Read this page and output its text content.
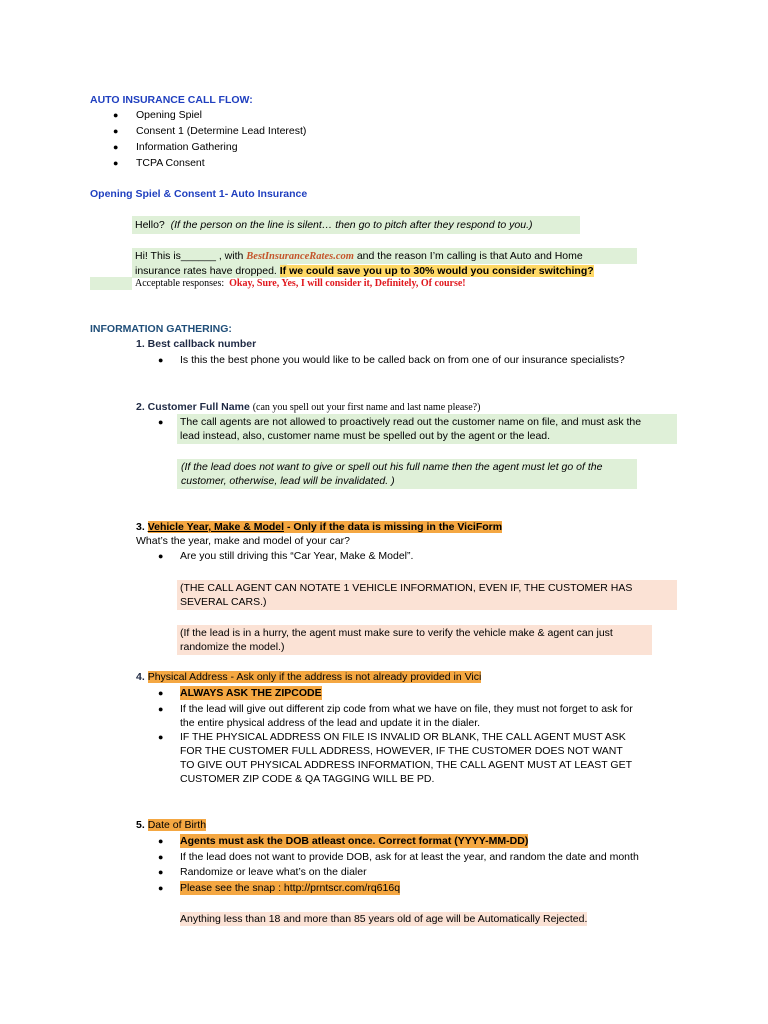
AUTO INSURANCE CALL FLOW:
● Opening Spiel
● Consent 1 (Determine Lead Interest)
● Information Gathering
● TCPA Consent
Opening Spiel & Consent 1- Auto Insurance
Hello? (If the person on the line is silent… then go to pitch after they respond to you.)
Hi! This is______ , with BestInsuranceRates.com and the reason I’m calling is that Auto and Home
insurance rates have dropped. If we could save you up to 30% would you consider switching?
Acceptable responses: Okay, Sure, Yes, I will consider it, Definitely, Of course!
INFORMATION GATHERING:
1. Best callback number
● Is this the best phone you would like to be called back on from one of our insurance specialists?
2. Customer Full Name (can you spell out your first name and last name please?)
● The call agents are not allowed to proactively read out the customer name on file, and must ask the
lead instead, also, customer name must be spelled out by the agent or the lead.
(If the lead does not want to give or spell out his full name then the agent must let go of the
customer, otherwise, lead will be invalidated. )
3. Vehicle Year, Make & Model - Only if the data is missing in the ViciForm
What’s the year, make and model of your car?
● Are you still driving this “Car Year, Make & Model”.
(THE CALL AGENT CAN NOTATE 1 VEHICLE INFORMATION, EVEN IF, THE CUSTOMER HAS
SEVERAL CARS.)
(If the lead is in a hurry, the agent must make sure to verify the vehicle make & agent can just
randomize the model.)
4. Physical Address - Ask only if the address is not already provided in Vici
● ALWAYS ASK THE ZIPCODE
● If the lead will give out different zip code from what we have on file, they must not forget to ask for
the entire physical address of the lead and update it in the dialer.
● IF THE PHYSICAL ADDRESS ON FILE IS INVALID OR BLANK, THE CALL AGENT MUST ASK
FOR THE CUSTOMER FULL ADDRESS, HOWEVER, IF THE CUSTOMER DOES NOT WANT
TO GIVE OUT PHYSICAL ADDRESS INFORMATION, THE CALL AGENT MUST AT LEAST GET
CUSTOMER ZIP CODE & QA TAGGING WILL BE PD.
5. Date of Birth
● Agents must ask the DOB atleast once. Correct format (YYYY-MM-DD)
● If the lead does not want to provide DOB, ask for at least the year, and random the date and month
● Randomize or leave what’s on the dialer
● Please see the snap : http://prntscr.com/rq616q
Anything less than 18 and more than 85 years old of age will be Automatically Rejected.
